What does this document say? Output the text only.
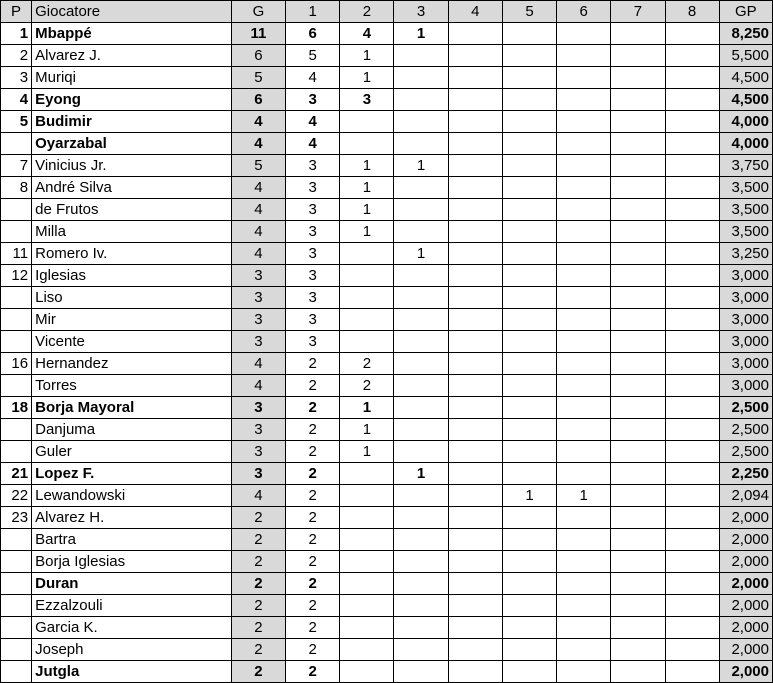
P	Giocatore	G	1	2	3	4	5	6	7	8	GP
1	Mbappé	11	6	4	1						8,250
2	Alvarez J.	6	5	1							5,500
3	Muriqi	5	4	1							4,500
4	Eyong	6	3	3							4,500
5	Budimir	4	4								4,000
	Oyarzabal	4	4								4,000
7	Vinicius Jr.	5	3	1	1						3,750
8	André Silva	4	3	1							3,500
	de Frutos	4	3	1							3,500
	Milla	4	3	1							3,500
11	Romero Iv.	4	3		1						3,250
12	Iglesias	3	3								3,000
	Liso	3	3								3,000
	Mir	3	3								3,000
	Vicente	3	3								3,000
16	Hernandez	4	2	2							3,000
	Torres	4	2	2							3,000
18	Borja Mayoral	3	2	1							2,500
	Danjuma	3	2	1							2,500
	Guler	3	2	1							2,500
21	Lopez F.	3	2		1						2,250
22	Lewandowski	4	2				1	1			2,094
23	Alvarez H.	2	2								2,000
	Bartra	2	2								2,000
	Borja Iglesias	2	2								2,000
	Duran	2	2								2,000
	Ezzalzouli	2	2								2,000
	Garcia K.	2	2								2,000
	Joseph	2	2								2,000
	Jutgla	2	2								2,000
